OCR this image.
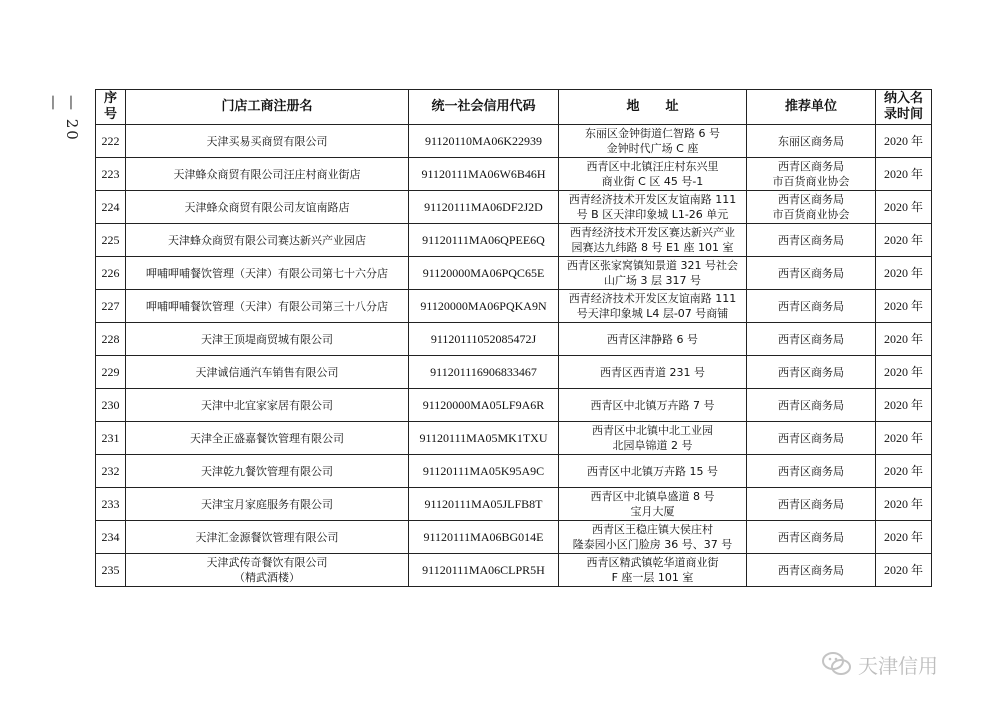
— 20 —	序
号	门店工商注册名	统一社会信用代码	地　　址	推荐单位	纳入名
录时间

222	天津买易买商贸有限公司	91120110MA06K22939	东丽区金钟街道仁智路 6 号
金钟时代广场 C 座	东丽区商务局	2020 年
223	天津蜂众商贸有限公司汪庄村商业街店	91120111MA06W6B46H	西青区中北镇汪庄村东兴里
商业街 C 区 45 号-1	西青区商务局
市百货商业协会	2020 年
224	天津蜂众商贸有限公司友谊南路店	91120111MA06DF2J2D	西青经济技术开发区友谊南路 111
号 B 区天津印象城 L1-26 单元	西青区商务局
市百货商业协会	2020 年
225	天津蜂众商贸有限公司赛达新兴产业园店	91120111MA06QPEE6Q	西青经济技术开发区赛达新兴产业
园赛达九纬路 8 号 E1 座 101 室	西青区商务局	2020 年
226	呷哺呷哺餐饮管理（天津）有限公司第七十六分店	91120000MA06PQC65E	西青区张家窝镇知景道 321 号社会
山广场 3 层 317 号	西青区商务局	2020 年
227	呷哺呷哺餐饮管理（天津）有限公司第三十八分店	91120000MA06PQKA9N	西青经济技术开发区友谊南路 111
号天津印象城 L4 层-07 号商铺	西青区商务局	2020 年
228	天津王顶堤商贸城有限公司	91120111052085472J	西青区津静路 6 号	西青区商务局	2020 年
229	天津诚信通汽车销售有限公司	911201116906833467	西青区西青道 231 号	西青区商务局	2020 年
230	天津中北宜家家居有限公司	91120000MA05LF9A6R	西青区中北镇万卉路 7 号	西青区商务局	2020 年
231	天津全正盛嘉餐饮管理有限公司	91120111MA05MK1TXU	西青区中北镇中北工业园
北园阜锦道 2 号	西青区商务局	2020 年
232	天津乾九餐饮管理有限公司	91120111MA05K95A9C	西青区中北镇万卉路 15 号	西青区商务局	2020 年
233	天津宝月家庭服务有限公司	91120111MA05JLFB8T	西青区中北镇阜盛道 8 号
宝月大厦	西青区商务局	2020 年
234	天津汇金源餐饮管理有限公司	91120111MA06BG014E	西青区王稳庄镇大侯庄村
隆泰园小区门脸房 36 号、37 号	西青区商务局	2020 年
235	天津武传奇餐饮有限公司
（精武酒楼）	91120111MA06CLPR5H	西青区精武镇乾华道商业街
F 座一层 101 室	西青区商务局	2020 年
天津信用
